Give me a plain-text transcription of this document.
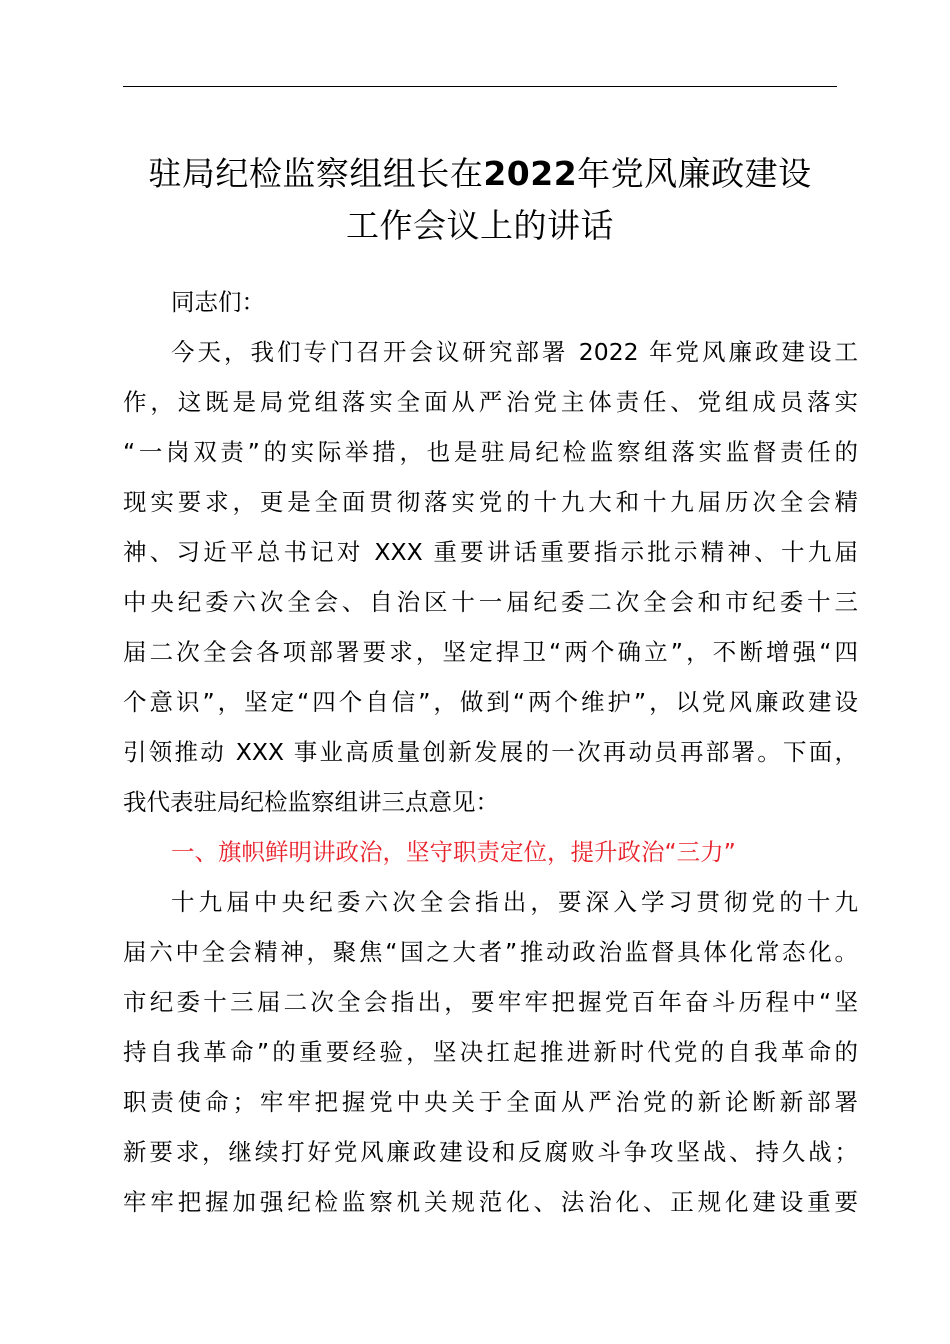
驻局纪检监察组组长在2022年党风廉政建设
工作会议上的讲话
同志们：
今天，我们专门召开会议研究部署 2022 年党风廉政建设工
作，这既是局党组落实全面从严治党主体责任、党组成员落实
“一岗双责”的实际举措，也是驻局纪检监察组落实监督责任的
现实要求，更是全面贯彻落实党的十九大和十九届历次全会精
神、习近平总书记对 XXX 重要讲话重要指示批示精神、十九届
中央纪委六次全会、自治区十一届纪委二次全会和市纪委十三
届二次全会各项部署要求，坚定捍卫“两个确立”，不断增强“四
个意识”，坚定“四个自信”，做到“两个维护”，以党风廉政建设
引领推动 XXX 事业高质量创新发展的一次再动员再部署。下面，
我代表驻局纪检监察组讲三点意见：
一、旗帜鲜明讲政治，坚守职责定位，提升政治“三力”
十九届中央纪委六次全会指出，要深入学习贯彻党的十九
届六中全会精神，聚焦“国之大者”推动政治监督具体化常态化。
市纪委十三届二次全会指出，要牢牢把握党百年奋斗历程中“坚
持自我革命”的重要经验，坚决扛起推进新时代党的自我革命的
职责使命；牢牢把握党中央关于全面从严治党的新论断新部署
新要求，继续打好党风廉政建设和反腐败斗争攻坚战、持久战；
牢牢把握加强纪检监察机关规范化、法治化、正规化建设重要
